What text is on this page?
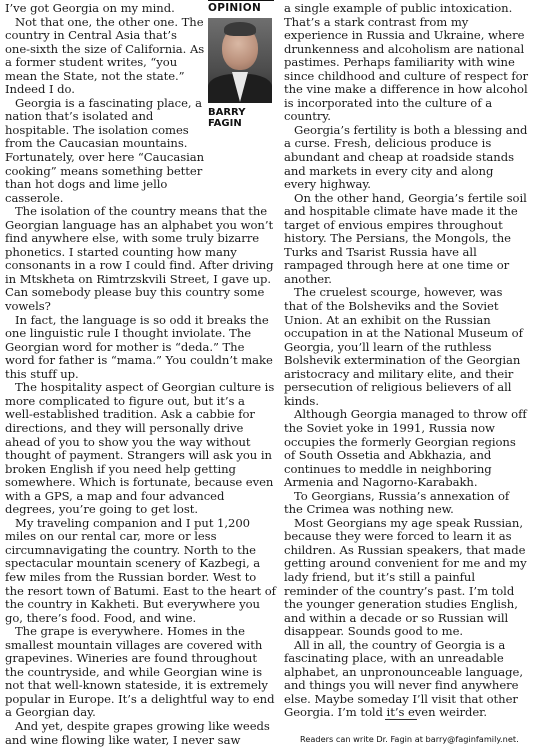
I’ve got Georgia on my mind.

Not that one, the other one. The country in Central Asia that’s one-sixth the size of California. As a former student writes, “you mean the State, not the state.” Indeed I do.

Georgia is a fascinating place, a nation that’s isolated and hospitable. The isolation comes from the Caucasian mountains. Fortunately, over here “Caucasian cooking” means something better than hot dogs and lime jello casserole.

The isolation of the country means that the Georgian language has an alphabet you won’t find anywhere else, with some truly bizarre phonetics. I started counting how many consonants in a row I could find. After driving in Mtskheta on Rimtrzskvili Street, I gave up. Can somebody please buy this country some vowels?

In fact, the language is so odd it breaks the one linguistic rule I thought inviolate. The Georgian word for mother is “deda.” The word for father is “mama.” You couldn’t make this stuff up.

The hospitality aspect of Georgian culture is more complicated to figure out, but it’s a well-established tradition. Ask a cabbie for directions, and they will personally drive ahead of you to show you the way without thought of payment. Strangers will ask you in broken English if you need help getting somewhere. Which is fortunate, because even with a GPS, a map and four advanced degrees, you’re going to get lost.

My traveling companion and I put 1,200 miles on our rental car, more or less circumnavigating the country. North to the spectacular mountain scenery of Kazbegi, a few miles from the Russian border. West to the resort town of Batumi. East to the heart of the country in Kakheti. But everywhere you go, there’s food. Food, and wine.

The grape is everywhere. Homes in the smallest mountain villages are covered with grapevines. Wineries are found throughout the countryside, and while Georgian wine is not that well-known stateside, it is extremely popular in Europe. It’s a delightful way to end a Georgian day.

And yet, despite grapes growing like weeds and wine flowing like water, I never saw

OPINION
BARRY
FAGIN

a single example of public intoxication. That’s a stark contrast from my experience in Russia and Ukraine, where drunkenness and alcoholism are national pastimes. Perhaps familiarity with wine since childhood and culture of respect for the vine make a difference in how alcohol is incorporated into the culture of a country.

Georgia’s fertility is both a blessing and a curse. Fresh, delicious produce is abundant and cheap at roadside stands and markets in every city and along every highway.

On the other hand, Georgia’s fertile soil and hospitable climate have made it the target of envious empires throughout history. The Persians, the Mongols, the Turks and Tsarist Russia have all rampaged through here at one time or another.

The cruelest scourge, however, was that of the Bolsheviks and the Soviet Union. At an exhibit on the Russian occupation in at the National Museum of Georgia, you’ll learn of the ruthless Bolshevik extermination of the Georgian aristocracy and military elite, and their persecution of religious believers of all kinds.

Although Georgia managed to throw off the Soviet yoke in 1991, Russia now occupies the formerly Georgian regions of South Ossetia and Abkhazia, and continues to meddle in neighboring Armenia and Nagorno-Karabakh.

To Georgians, Russia’s annexation of the Crimea was nothing new.

Most Georgians my age speak Russian, because they were forced to learn it as children. As Russian speakers, that made getting around convenient for me and my lady friend, but it’s still a painful reminder of the country’s past. I’m told the younger generation studies English, and within a decade or so Russian will disappear. Sounds good to me.

All in all, the country of Georgia is a fascinating place, with an unreadable alphabet, an unpronounceable language, and things you will never find anywhere else. Maybe someday I’ll visit that other Georgia. I’m told it’s even weirder.

Readers can write Dr. Fagin at barry@faginfamily.net.
